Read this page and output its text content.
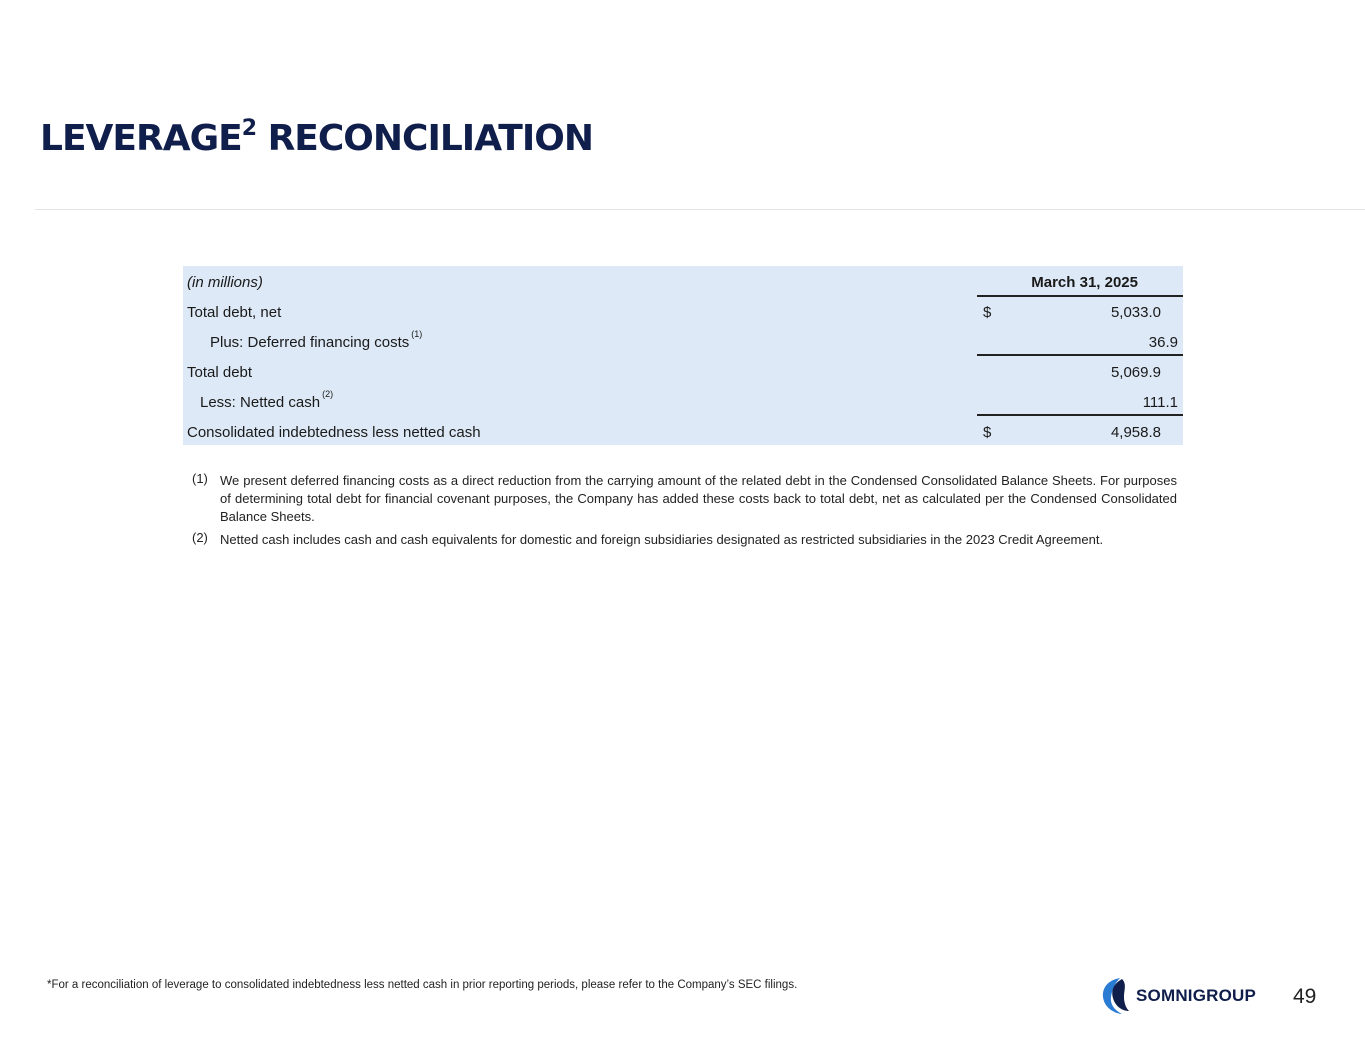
LEVERAGE$^2$ RECONCILIATION
(in millions)	March 31, 2025
Total debt, net	$	5,033.0
Plus: Deferred financing costs $^{(1)}$	36.9
Total debt	5,069.9
Less: Netted cash $^{(2)}$	111.1
Consolidated indebtedness less netted cash	$	4,958.8
(1) We present deferred financing costs as a direct reduction from the carrying amount of the related debt in the Condensed Consolidated Balance Sheets. For purposes of determining total debt for financial covenant purposes, the Company has added these costs back to total debt, net as calculated per the Condensed Consolidated Balance Sheets.
(2) Netted cash includes cash and cash equivalents for domestic and foreign subsidiaries designated as restricted subsidiaries in the 2023 Credit Agreement.
*For a reconciliation of leverage to consolidated indebtedness less netted cash in prior reporting periods, please refer to the Company’s SEC filings.
SOMNIGROUP 49
